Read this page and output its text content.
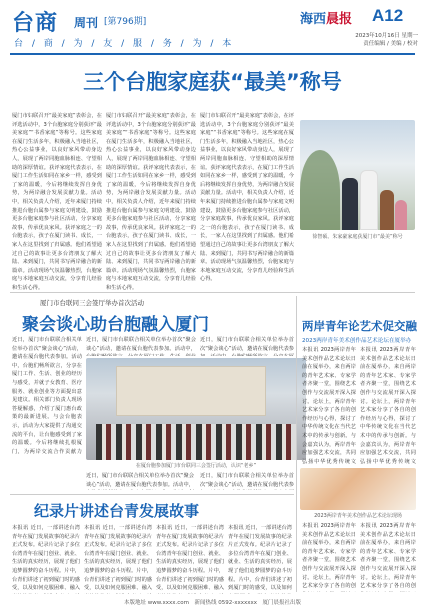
台商 周刊 [第796期]
台 / 商 / 为 / 友 / 服 / 务 / 为 / 本
海西晨报 A12
2023年10月16日 星期一
责任编辑 / 美编 / 校对
三个台胞家庭获“最美”称号
厦门市妇联召开“最美家庭”表彰会，在评选活动中，3个台胞家庭分别获评“最美家庭”“书香家庭”等称号。这些家庭在厦门生活多年，积极融入当地社区，热心公益事业，以良好家风带动身边人，展现了两岸同胞血脉相连、守望相助的深厚情谊。获评家庭代表表示，在厦门工作生活如同在家乡一样，感受到了家的温暖，今后将继续发挥自身优势，为两岸融合发展贡献力量。活动中，相关负责人介绍，近年来厦门持续推进台胞台属参与家庭文明建设，鼓励更多台胞家庭参与社区活动，分享家庭故事，传承优良家风。获评家庭之一的台胞表示，孩子在厦门读书、成长，一家人在这里找到了归属感。他们希望通过自己的故事让更多台湾朋友了解大陆、来到厦门，共同书写两岸融合的新篇章。活动现场气氛温馨热烈，台胞家庭与本地家庭互动交流，分享育儿经验和生活心得。
厦门市妇联召开“最美家庭”表彰会，在评选活动中，3个台胞家庭分别获评“最美家庭”“书香家庭”等称号。这些家庭在厦门生活多年，积极融入当地社区，热心公益事业，以良好家风带动身边人，展现了两岸同胞血脉相连、守望相助的深厚情谊。获评家庭代表表示，在厦门工作生活如同在家乡一样，感受到了家的温暖，今后将继续发挥自身优势，为两岸融合发展贡献力量。活动中，相关负责人介绍，近年来厦门持续推进台胞台属参与家庭文明建设，鼓励更多台胞家庭参与社区活动，分享家庭故事，传承优良家风。获评家庭之一的台胞表示，孩子在厦门读书、成长，一家人在这里找到了归属感。他们希望通过自己的故事让更多台湾朋友了解大陆、来到厦门，共同书写两岸融合的新篇章。活动现场气氛温馨热烈，台胞家庭与本地家庭互动交流，分享育儿经验和生活心得。
厦门市妇联召开“最美家庭”表彰会，在评选活动中，3个台胞家庭分别获评“最美家庭”“书香家庭”等称号。这些家庭在厦门生活多年，积极融入当地社区，热心公益事业，以良好家风带动身边人，展现了两岸同胞血脉相连、守望相助的深厚情谊。获评家庭代表表示，在厦门工作生活如同在家乡一样，感受到了家的温暖，今后将继续发挥自身优势，为两岸融合发展贡献力量。活动中，相关负责人介绍，近年来厦门持续推进台胞台属参与家庭文明建设，鼓励更多台胞家庭参与社区活动，分享家庭故事，传承优良家风。获评家庭之一的台胞表示，孩子在厦门读书、成长，一家人在这里找到了归属感。他们希望通过自己的故事让更多台湾朋友了解大陆、来到厦门，共同书写两岸融合的新篇章。活动现场气氛温馨热烈，台胞家庭与本地家庭互动交流，分享育儿经验和生活心得。
徐智硕、朱家豪家庭获厦门市“最美”称号
厦门市台联同三会签厅举办首次活动
聚会谈心助台胞融入厦门
近日，厦门市台联联合相关单位举办首次“聚会谈心”活动，邀请在厦台胞代表参加。活动中，台胞们畅所欲言，分享在厦门工作、生活、创业的经历与感受，并就子女教育、医疗服务、就业创业等方面提出意见建议。相关部门负责人现场答疑解惑，介绍了厦门惠台政策的最新进展。与会台胞表示，活动为大家提供了沟通交流的平台，让台胞感受到了家的温暖。今后将继续扎根厦门，为两岸交流合作贡献力
近日，厦门市台联联合相关单位举办首次“聚会谈心”活动，邀请在厦台胞代表参加。活动中，
近日，厦门市台联联合相关单位举办首次“聚会谈心”活动，邀请在厦台胞代表参
在厦台胞参加厦门市台联同三会签厅活动，认识“老乡”
近日，厦门市台联联合相关单位举办首次“聚会谈心”活动，邀请在厦台胞代表参加。活动中，
近日，厦门市台联联合相关单位举办首次“聚会谈心”活动，邀请在厦台胞代表参
两岸青年论艺术促交融
2023两岸青年美术创作品艺术论坛在厦举办
本报讯 2023两岸青年美术创作品艺术论坛日前在厦举办，来自两岸的青年艺术家、专家学者齐聚一堂，围绕艺术创作与交流展开深入探讨。论坛上，两岸青年艺术家分享了各自的创作经历与心得，探讨了中华传统文化在当代艺术中的传承与创新。与会嘉宾认为，两岸青年应加强艺术交流，共同弘扬中华优秀传统文
本报讯 2023两岸青年美术创作品艺术论坛日前在厦举办，来自两岸的青年艺术家、专家学者齐聚一堂，围绕艺术创作与交流展开深入探讨。论坛上，两岸青年艺术家分享了各自的创作经历与心得，探讨了中华传统文化在当代艺术中的传承与创新。与会嘉宾认为，两岸青年应加强艺术交流，共同弘扬中华优秀传统文
2023两岸青年美术创作品艺术论坛现场
本报讯 2023两岸青年美术创作品艺术论坛日前在厦举办，来自两岸的青年艺术家、专家学者齐聚一堂，围绕艺术创作与交流展开深入探讨。论坛上，两岸青年艺术家分享了各自的创
本报讯 2023两岸青年美术创作品艺术论坛日前在厦举办，来自两岸的青年艺术家、专家学者齐聚一堂，围绕艺术创作与交流展开深入探讨。论坛上，两岸青年艺术家分享了各自的创
纪录片讲述台青发展故事
本报讯 近日，一部讲述台湾青年在厦门发展故事的纪录片正式发布。纪录片记录了多位台湾青年在厦门创业、就业、生活的真实经历，展现了他们追梦圆梦的奋斗历程。片中，台青们讲述了初到厦门时的感受，以及如何克服困难、融入
本报讯 近日，一部讲述台湾青年在厦门发展故事的纪录片正式发布。纪录片记录了多位台湾青年在厦门创业、就业、生活的真实经历，展现了他们追梦圆梦的奋斗历程。片中，台青们讲述了初到厦门时的感受，以及如何克服困难、融入
本报讯 近日，一部讲述台湾青年在厦门发展故事的纪录片正式发布。纪录片记录了多位台湾青年在厦门创业、就业、生活的真实经历，展现了他们追梦圆梦的奋斗历程。片中，台青们讲述了初到厦门时的感受，以及如何克服困难、融入
本报讯 近日，一部讲述台湾青年在厦门发展故事的纪录片正式发布。纪录片记录了多位台湾青年在厦门创业、就业、生活的真实经历，展现了他们追梦圆梦的奋斗历程。片中，台青们讲述了初到厦门时的感受，以及如何
本版地址 www.xxxx.com　新闻热线 0592-xxxxxxx　厦门晨报社出版
